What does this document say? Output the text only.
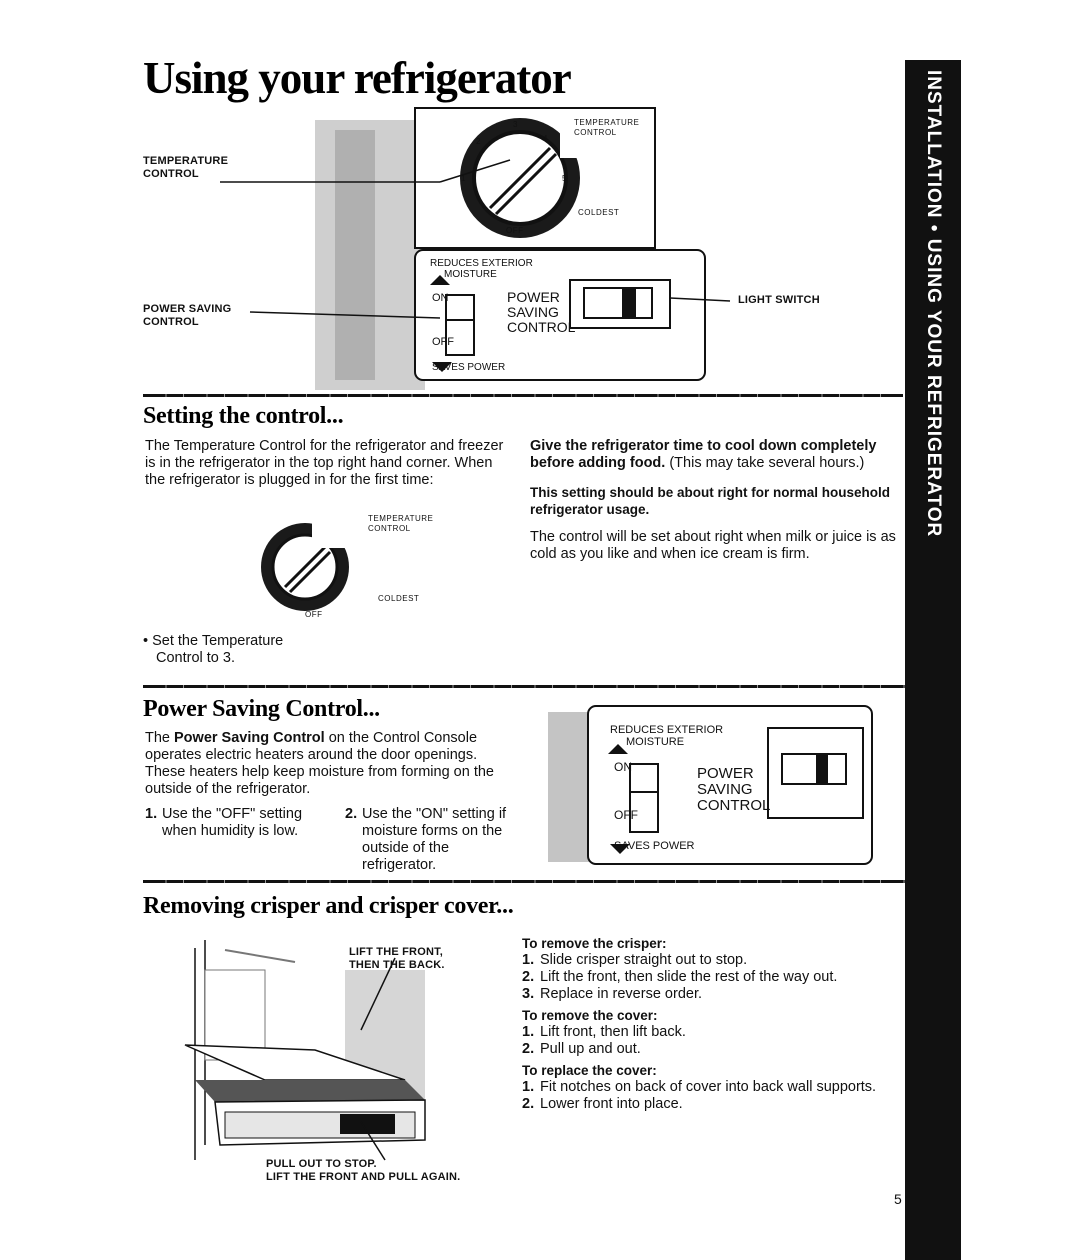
Using your refrigerator	INSTALLATION • USING YOUR REFRIGERATOR
TEMPERATURE
CONTROL
POWER SAVING
CONTROL
LIGHT SWITCH
TEMPERATURE
CONTROL
3
2	4
1	5
COLDEST
OFF
REDUCES EXTERIOR
MOISTURE
ON
OFF
POWER
SAVING
CONTROL
SAVES POWER
Setting the control...
The Temperature Control for the refrigerator and freezer is in the refrigerator in the top right hand corner. When the refrigerator is plugged in for the first time:
TEMPERATURE
CONTROL
COLDEST
OFF
• Set the Temperature
Control to 3.
Give the refrigerator time to cool down completely before adding food. (This may take several hours.)
This setting should be about right for normal household refrigerator usage.
The control will be set about right when milk or juice is as cold as you like and when ice cream is firm.
Power Saving Control...
The Power Saving Control on the Control Console operates electric heaters around the door openings. These heaters help keep moisture from forming on the outside of the refrigerator.
1. Use the "OFF" setting when humidity is low.
2. Use the "ON" setting if moisture forms on the outside of the refrigerator.
REDUCES EXTERIOR
MOISTURE
ON
OFF
POWER
SAVING
CONTROL
SAVES POWER
Removing crisper and crisper cover...
LIFT THE FRONT,
THEN THE BACK.
PULL OUT TO STOP.
LIFT THE FRONT AND PULL AGAIN.
To remove the crisper:
1. Slide crisper straight out to stop.
2. Lift the front, then slide the rest of the way out.
3. Replace in reverse order.
To remove the cover:
1. Lift front, then lift back.
2. Pull up and out.
To replace the cover:
1. Fit notches on back of cover into back wall supports.
2. Lower front into place.
5
